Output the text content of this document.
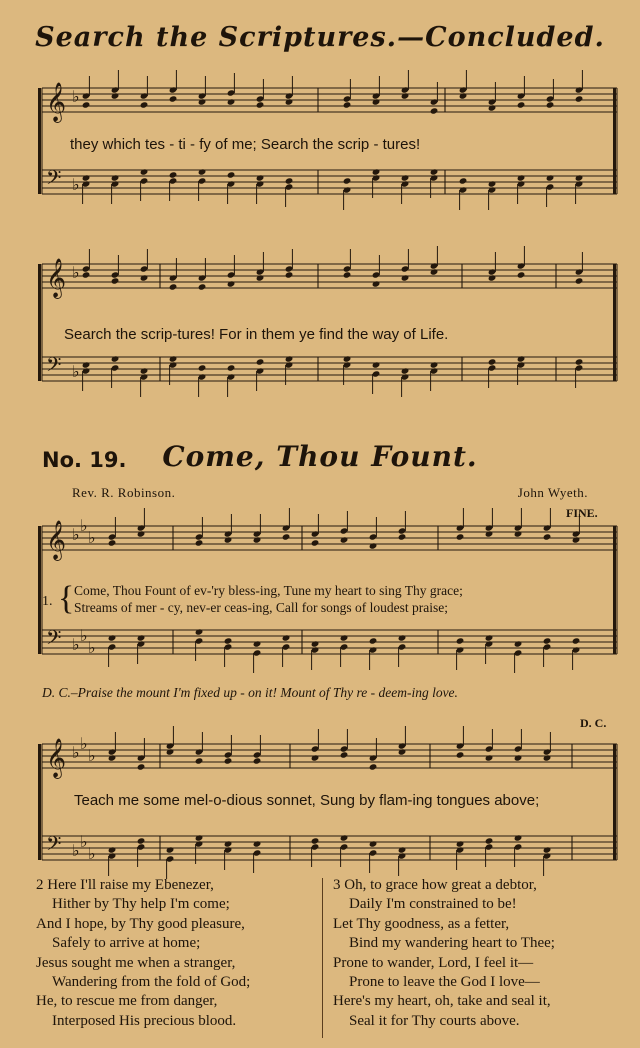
𝄞 ♭
𝄢 ♭
𝄞 ♭
𝄢 ♭
𝄞 ♭ ♭
♭
𝄢 ♭ ♭
♭
𝄞 ♭ ♭
♭
𝄢 ♭ ♭
♭
Search the Scriptures.—Concluded.
they which tes - ti - fy of me; Search the scrip - tures!
Search the scrip-tures! For in them ye find the way of Life.
No. 19.	Come, Thou Fount.
Rev. R. Robinson.	John Wyeth.
FINE.
D. C.
1. { Come, Thou Fount of ev-'ry bless-ing, Tune my heart to sing Thy grace;
Streams of mer - cy, nev-er ceas-ing, Call for songs of loudest praise;
D. C.–Praise the mount I'm fixed up - on it! Mount of Thy re - deem-ing love.
Teach me some mel-o-dious sonnet, Sung by flam-ing tongues above;
2 Here I'll raise my Ebenezer,
Hither by Thy help I'm come;
And I hope, by Thy good pleasure,
Safely to arrive at home;
Jesus sought me when a stranger,
Wandering from the fold of God;
He, to rescue me from danger,
Interposed His precious blood.
3 Oh, to grace how great a debtor,
Daily I'm constrained to be!
Let Thy goodness, as a fetter,
Bind my wandering heart to Thee;
Prone to wander, Lord, I feel it—
Prone to leave the God I love—
Here's my heart, oh, take and seal it,
Seal it for Thy courts above.
